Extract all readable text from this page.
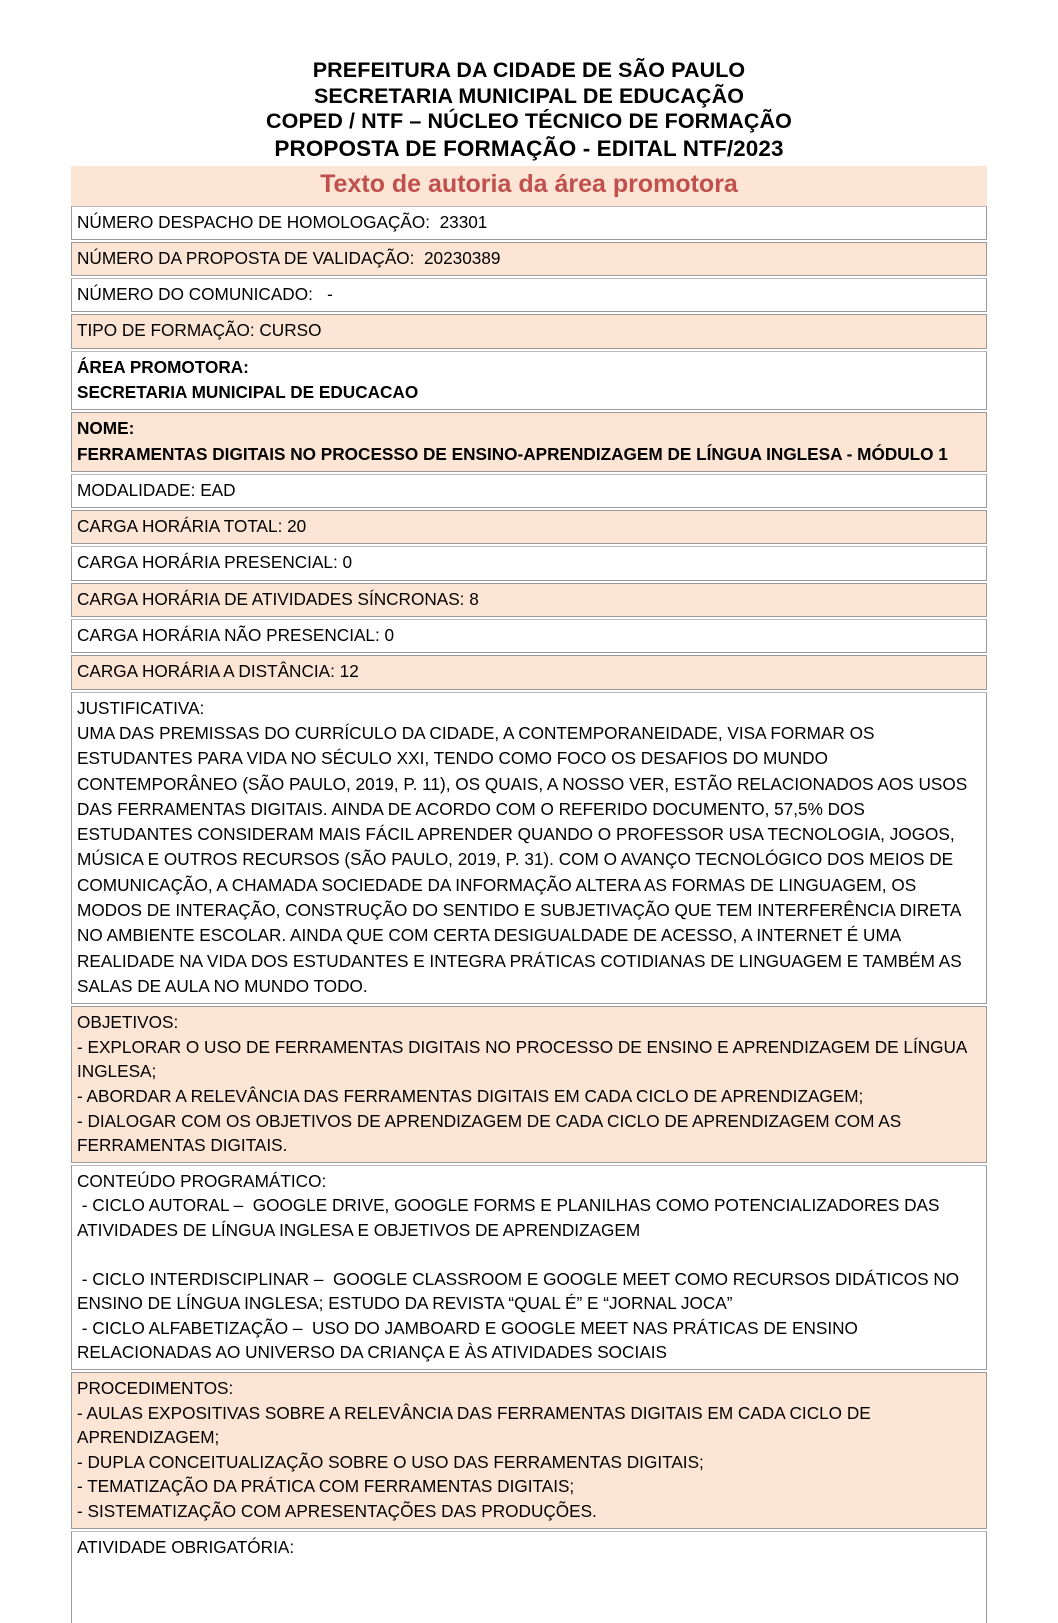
PREFEITURA DA CIDADE DE SÃO PAULO
SECRETARIA MUNICIPAL DE EDUCAÇÃO
COPED / NTF – NÚCLEO TÉCNICO DE FORMAÇÃO
PROPOSTA DE FORMAÇÃO - EDITAL NTF/2023
Texto de autoria da área promotora
NÚMERO DESPACHO DE HOMOLOGAÇÃO:  23301
NÚMERO DA PROPOSTA DE VALIDAÇÃO:  20230389
NÚMERO DO COMUNICADO:   -
TIPO DE FORMAÇÃO: CURSO
ÁREA PROMOTORA:
SECRETARIA MUNICIPAL DE EDUCACAO
NOME:
FERRAMENTAS DIGITAIS NO PROCESSO DE ENSINO-APRENDIZAGEM DE LÍNGUA INGLESA - MÓDULO 1
MODALIDADE: EAD
CARGA HORÁRIA TOTAL: 20
CARGA HORÁRIA PRESENCIAL: 0
CARGA HORÁRIA DE ATIVIDADES SÍNCRONAS: 8
CARGA HORÁRIA NÃO PRESENCIAL: 0
CARGA HORÁRIA A DISTÂNCIA: 12
JUSTIFICATIVA:
UMA DAS PREMISSAS DO CURRÍCULO DA CIDADE, A CONTEMPORANEIDADE, VISA FORMAR OS ESTUDANTES PARA VIDA NO SÉCULO XXI, TENDO COMO FOCO OS DESAFIOS DO MUNDO CONTEMPORÂNEO (SÃO PAULO, 2019, P. 11), OS QUAIS, A NOSSO VER, ESTÃO RELACIONADOS AOS USOS DAS FERRAMENTAS DIGITAIS. AINDA DE ACORDO COM O REFERIDO DOCUMENTO, 57,5% DOS ESTUDANTES CONSIDERAM MAIS FÁCIL APRENDER QUANDO O PROFESSOR USA TECNOLOGIA, JOGOS, MÚSICA E OUTROS RECURSOS (SÃO PAULO, 2019, P. 31). COM O AVANÇO TECNOLÓGICO DOS MEIOS DE COMUNICAÇÃO, A CHAMADA SOCIEDADE DA INFORMAÇÃO ALTERA AS FORMAS DE LINGUAGEM, OS MODOS DE INTERAÇÃO, CONSTRUÇÃO DO SENTIDO E SUBJETIVAÇÃO QUE TEM INTERFERÊNCIA DIRETA NO AMBIENTE ESCOLAR. AINDA QUE COM CERTA DESIGUALDADE DE ACESSO, A INTERNET É UMA REALIDADE NA VIDA DOS ESTUDANTES E INTEGRA PRÁTICAS COTIDIANAS DE LINGUAGEM E TAMBÉM AS SALAS DE AULA NO MUNDO TODO.
OBJETIVOS:
- EXPLORAR O USO DE FERRAMENTAS DIGITAIS NO PROCESSO DE ENSINO E APRENDIZAGEM DE LÍNGUA INGLESA;
- ABORDAR A RELEVÂNCIA DAS FERRAMENTAS DIGITAIS EM CADA CICLO DE APRENDIZAGEM;
- DIALOGAR COM OS OBJETIVOS DE APRENDIZAGEM DE CADA CICLO DE APRENDIZAGEM COM AS FERRAMENTAS DIGITAIS.
CONTEÚDO PROGRAMÁTICO:
- CICLO AUTORAL –  GOOGLE DRIVE, GOOGLE FORMS E PLANILHAS COMO POTENCIALIZADORES DAS ATIVIDADES DE LÍNGUA INGLESA E OBJETIVOS DE APRENDIZAGEM
- CICLO INTERDISCIPLINAR –  GOOGLE CLASSROOM E GOOGLE MEET COMO RECURSOS DIDÁTICOS NO ENSINO DE LÍNGUA INGLESA; ESTUDO DA REVISTA “QUAL É” E “JORNAL JOCA”
- CICLO ALFABETIZAÇÃO –  USO DO JAMBOARD E GOOGLE MEET NAS PRÁTICAS DE ENSINO RELACIONADAS AO UNIVERSO DA CRIANÇA E ÀS ATIVIDADES SOCIAIS
PROCEDIMENTOS:
- AULAS EXPOSITIVAS SOBRE A RELEVÂNCIA DAS FERRAMENTAS DIGITAIS EM CADA CICLO DE APRENDIZAGEM;
- DUPLA CONCEITUALIZAÇÃO SOBRE O USO DAS FERRAMENTAS DIGITAIS;
- TEMATIZAÇÃO DA PRÁTICA COM FERRAMENTAS DIGITAIS;
- SISTEMATIZAÇÃO COM APRESENTAÇÕES DAS PRODUÇÕES.
ATIVIDADE OBRIGATÓRIA:
